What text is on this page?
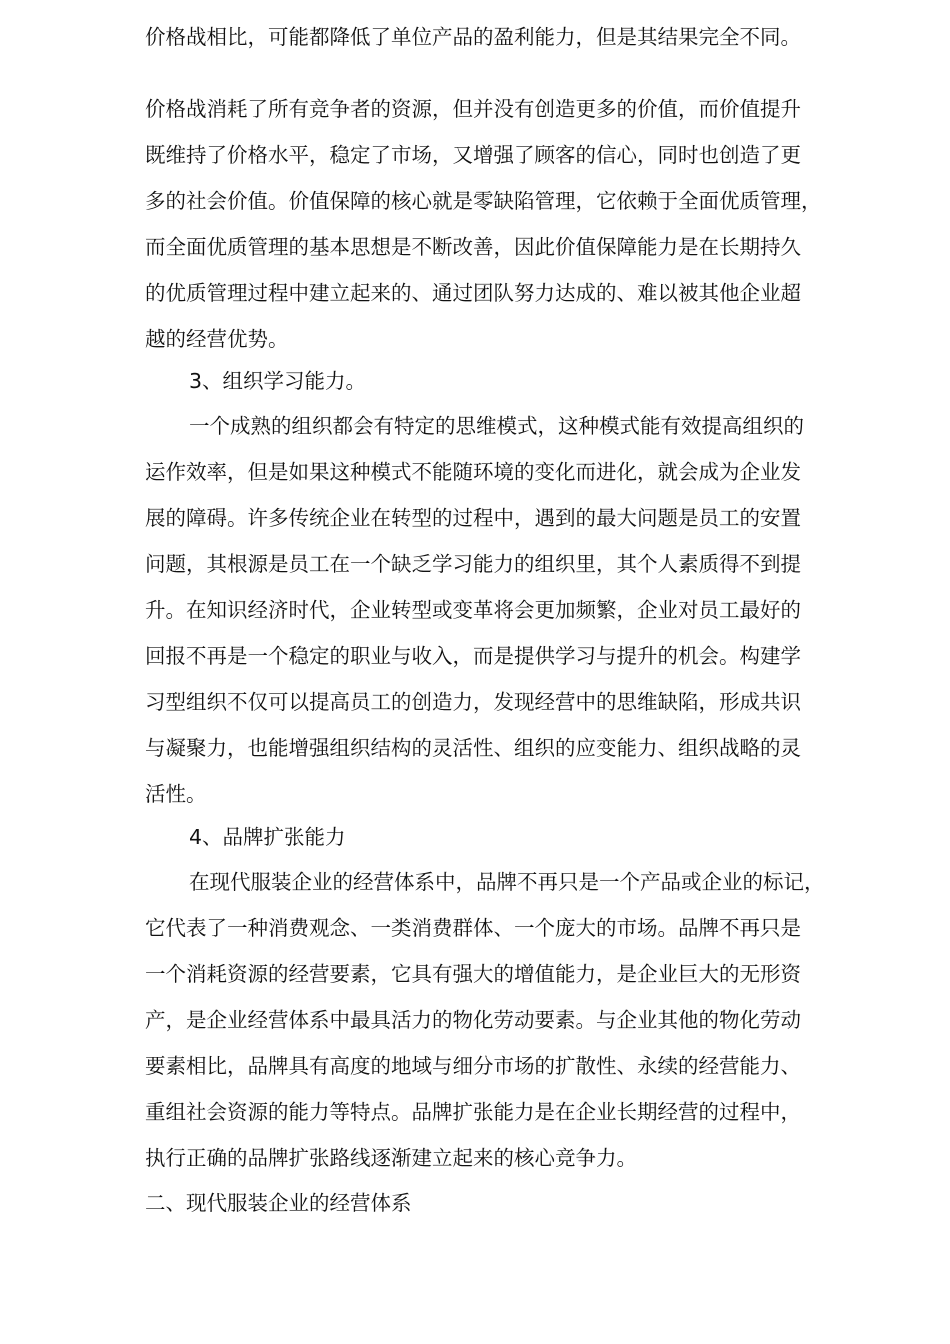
价格战相比，可能都降低了单位产品的盈利能力，但是其结果完全不同。
价格战消耗了所有竞争者的资源，但并没有创造更多的价值，而价值提升
既维持了价格水平，稳定了市场，又增强了顾客的信心，同时也创造了更
多的社会价值。价值保障的核心就是零缺陷管理，它依赖于全面优质管理，
而全面优质管理的基本思想是不断改善，因此价值保障能力是在长期持久
的优质管理过程中建立起来的、通过团队努力达成的、难以被其他企业超
越的经营优势。
3、组织学习能力。
一个成熟的组织都会有特定的思维模式，这种模式能有效提高组织的
运作效率，但是如果这种模式不能随环境的变化而进化，就会成为企业发
展的障碍。许多传统企业在转型的过程中，遇到的最大问题是员工的安置
问题，其根源是员工在一个缺乏学习能力的组织里，其个人素质得不到提
升。在知识经济时代，企业转型或变革将会更加频繁，企业对员工最好的
回报不再是一个稳定的职业与收入，而是提供学习与提升的机会。构建学
习型组织不仅可以提高员工的创造力，发现经营中的思维缺陷，形成共识
与凝聚力，也能增强组织结构的灵活性、组织的应变能力、组织战略的灵
活性。
4、品牌扩张能力
在现代服装企业的经营体系中，品牌不再只是一个产品或企业的标记，
它代表了一种消费观念、一类消费群体、一个庞大的市场。品牌不再只是
一个消耗资源的经营要素，它具有强大的增值能力，是企业巨大的无形资
产，是企业经营体系中最具活力的物化劳动要素。与企业其他的物化劳动
要素相比，品牌具有高度的地域与细分市场的扩散性、永续的经营能力、
重组社会资源的能力等特点。品牌扩张能力是在企业长期经营的过程中，
执行正确的品牌扩张路线逐渐建立起来的核心竞争力。
二、现代服装企业的经营体系
